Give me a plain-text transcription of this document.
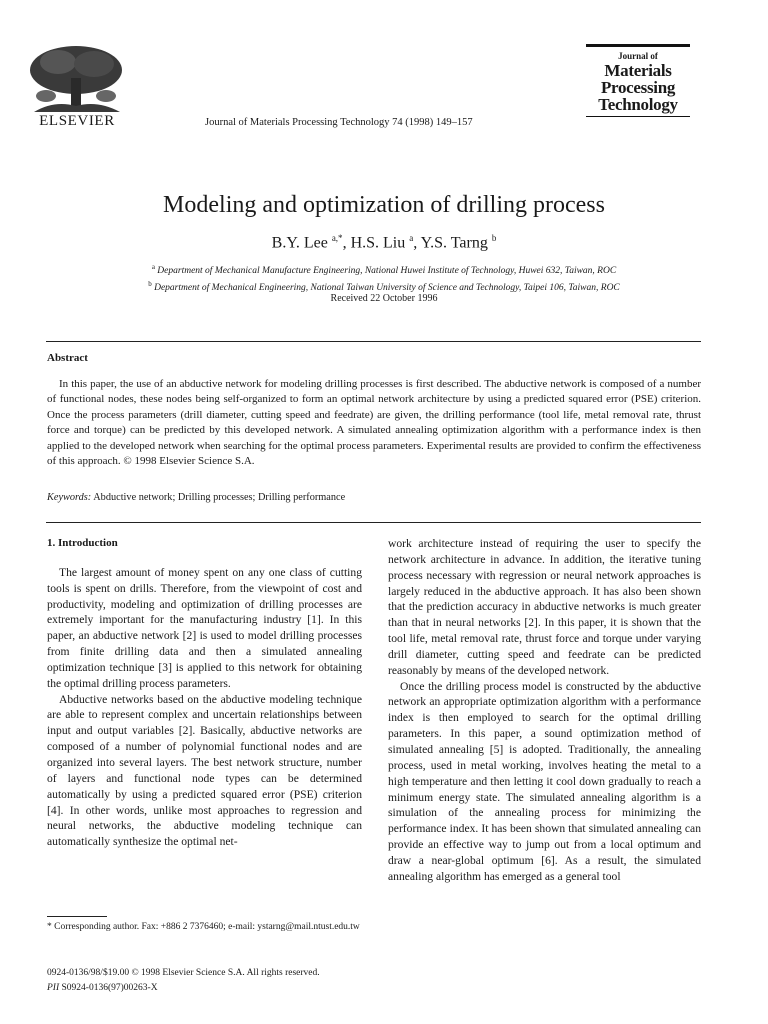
ELSEVIER	Journal of Materials Processing Technology 74 (1998) 149–157
Journal of
Materials
Processing
Technology
Modeling and optimization of drilling process
B.Y. Lee $^{a,*}$, H.S. Liu $^a$, Y.S. Tarng $^b$
$^a$ Department of Mechanical Manufacture Engineering, National Huwei Institute of Technology, Huwei 632, Taiwan, ROC
$^b$ Department of Mechanical Engineering, National Taiwan University of Science and Technology, Taipei 106, Taiwan, ROC
Received 22 October 1996
Abstract
In this paper, the use of an abductive network for modeling drilling processes is first described. The abductive network is composed of a number of functional nodes, these nodes being self-organized to form an optimal network architecture by using a predicted squared error (PSE) criterion. Once the process parameters (drill diameter, cutting speed and feedrate) are given, the drilling performance (tool life, metal removal rate, thrust force and torque) can be predicted by this developed network. A simulated annealing optimization algorithm with a performance index is then applied to the developed network when searching for the optimal process parameters. Experimental results are provided to confirm the effectiveness of this approach. © 1998 Elsevier Science S.A.
Keywords: Abductive network; Drilling processes; Drilling performance

1. Introduction

The largest amount of money spent on any one class of cutting tools is spent on drills. Therefore, from the viewpoint of cost and productivity, modeling and optimization of drilling processes are extremely important for the manufacturing industry [1]. In this paper, an abductive network [2] is used to model drilling processes from finite drilling data and then a simulated annealing optimization technique [3] is applied to this network for obtaining the optimal drilling process parameters.

Abductive networks based on the abductive modeling technique are able to represent complex and uncertain relationships between input and output variables [2]. Basically, abductive networks are composed of a number of polynomial functional nodes and are organized into several layers. The best network structure, number of layers and functional node types can be determined automatically by using a predicted squared error (PSE) criterion [4]. In other words, unlike most approaches to regression and neural networks, the abductive modeling technique can automatically synthesize the optimal net-

work architecture instead of requiring the user to specify the network architecture in advance. In addition, the iterative tuning process necessary with regression or neural network approaches is largely reduced in the abductive approach. It has also been shown that the prediction accuracy in abductive networks is much greater than that in neural networks [2]. In this paper, it is shown that the tool life, metal removal rate, thrust force and torque under varying drill diameter, cutting speed and feedrate can be predicted reasonably by means of the developed network.

Once the drilling process model is constructed by the abductive network an appropriate optimization algorithm with a performance index is then employed to search for the optimal drilling parameters. In this paper, a sound optimization method of simulated annealing [5] is adopted. Traditionally, the annealing process, used in metal working, involves heating the metal to a high temperature and then letting it cool down gradually to reach a minimum energy state. The simulated annealing algorithm is a simulation of the annealing process for minimizing the performance index. It has been shown that simulated annealing can provide an effective way to jump out from a local optimum and draw a near-global optimum [6]. As a result, the simulated annealing algorithm has emerged as a general tool

* Corresponding author. Fax: +886 2 7376460; e-mail: ystarng@mail.ntust.edu.tw
0924-0136/98/$19.00 © 1998 Elsevier Science S.A. All rights reserved.
PII S0924-0136(97)00263-X
